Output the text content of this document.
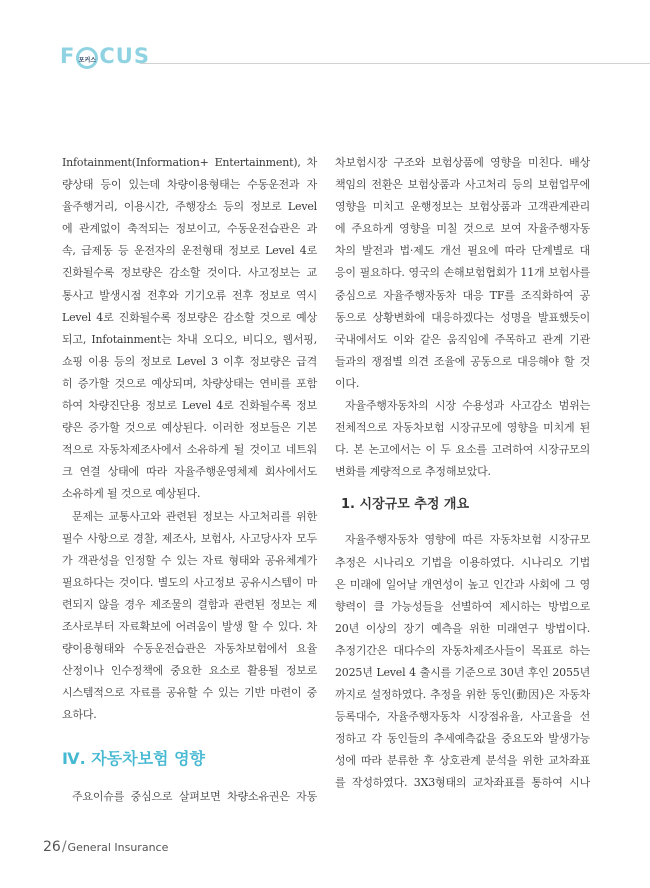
F 포커스 CUS
Infotainment(Information+ Entertainment), 차
량상태 등이 있는데 차량이용형태는 수동운전과 자
율주행거리, 이용시간, 주행장소 등의 정보로 Level
에 관계없이 축적되는 정보이고, 수동운전습관은 과
속, 급제동 등 운전자의 운전형태 정보로 Level 4로
진화될수록 정보량은 감소할 것이다. 사고정보는 교
통사고 발생시점 전후와 기기오류 전후 정보로 역시
Level 4로 진화될수록 정보량은 감소할 것으로 예상
되고, Infotainment는 차내 오디오, 비디오, 웹서핑,
쇼핑 이용 등의 정보로 Level 3 이후 정보량은 급격
히 증가할 것으로 예상되며, 차량상태는 연비를 포함
하여 차량진단용 정보로 Level 4로 진화될수록 정보
량은 증가할 것으로 예상된다. 이러한 정보들은 기본
적으로 자동차제조사에서 소유하게 될 것이고 네트워
크 연결 상태에 따라 자율주행운영체제 회사에서도
소유하게 될 것으로 예상된다.
문제는 교통사고와 관련된 정보는 사고처리를 위한
필수 사항으로 경찰, 제조사, 보험사, 사고당사자 모두
가 객관성을 인정할 수 있는 자료 형태와 공유체계가
필요하다는 것이다. 별도의 사고정보 공유시스템이 마
련되지 않을 경우 제조물의 결함과 관련된 정보는 제
조사로부터 자료확보에 어려움이 발생 할 수 있다. 차
량이용형태와 수동운전습관은 자동차보험에서 요율
산정이나 인수정책에 중요한 요소로 활용될 정보로
시스템적으로 자료를 공유할 수 있는 기반 마련이 중
요하다.
Ⅳ. 자동차보험 영향
주요이슈를 중심으로 살펴보면 차량소유권은 자동
차보험시장 구조와 보험상품에 영향을 미친다. 배상
책임의 전환은 보험상품과 사고처리 등의 보험업무에
영향을 미치고 운행정보는 보험상품과 고객관계관리
에 주요하게 영향을 미칠 것으로 보여 자율주행자동
차의 발전과 법·제도 개선 필요에 따라 단계별로 대
응이 필요하다. 영국의 손해보험협회가 11개 보험사를
중심으로 자율주행자동차 대응 TF를 조직화하여 공
동으로 상황변화에 대응하겠다는 성명을 발표했듯이
국내에서도 이와 같은 움직임에 주목하고 관계 기관
들과의 쟁점별 의견 조율에 공동으로 대응해야 할 것
이다.
자율주행자동차의 시장 수용성과 사고감소 범위는
전체적으로 자동차보험 시장규모에 영향을 미치게 된
다. 본 논고에서는 이 두 요소를 고려하여 시장규모의
변화를 계량적으로 추정해보았다.
1. 시장규모 추정 개요
자율주행자동차 영향에 따른 자동차보험 시장규모
추정은 시나리오 기법을 이용하였다. 시나리오 기법
은 미래에 일어날 개연성이 높고 인간과 사회에 그 영
향력이 클 가능성들을 선별하여 제시하는 방법으로
20년 이상의 장기 예측을 위한 미래연구 방법이다.
추정기간은 대다수의 자동차제조사들이 목표로 하는
2025년 Level 4 출시를 기준으로 30년 후인 2055년
까지로 설정하였다. 추정을 위한 동인(動因)은 자동차
등록대수, 자율주행자동차 시장점유율, 사고율을 선
정하고 각 동인들의 추세예측값을 중요도와 발생가능
성에 따라 분류한 후 상호관계 분석을 위한 교차좌표
를 작성하였다. 3X3형태의 교차좌표를 통하여 시나
26/General Insurance
